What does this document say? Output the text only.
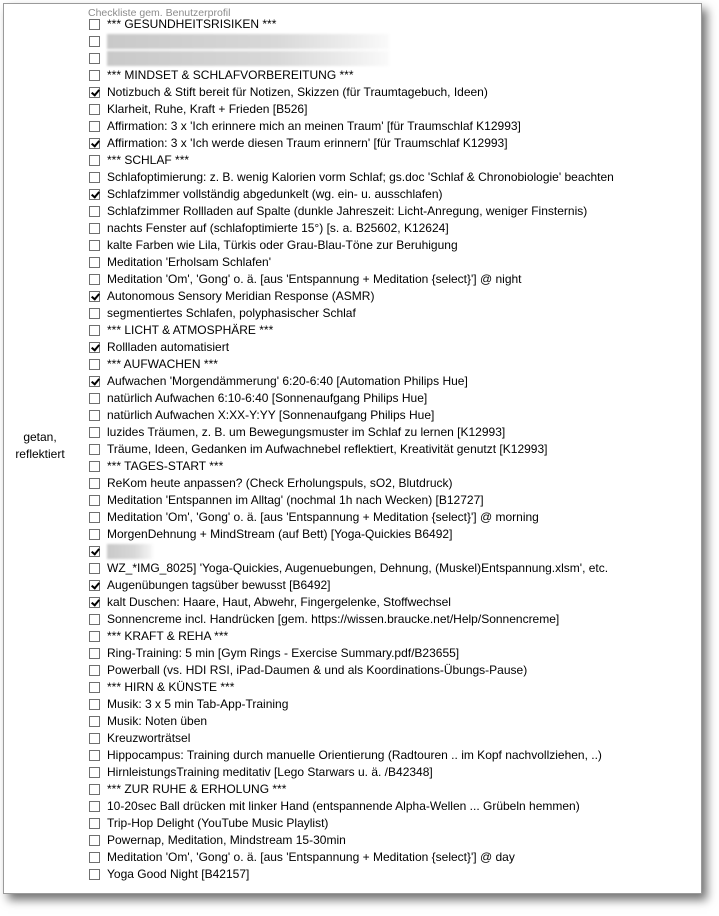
Checkliste gem. Benutzerprofil
getan,
reflektiert
*** GESUNDHEITSRISIKEN ***
*** MINDSET & SCHLAFVORBEREITUNG ***
Notizbuch & Stift bereit für Notizen, Skizzen (für Traumtagebuch, Ideen)
Klarheit, Ruhe, Kraft + Frieden [B526]
Affirmation: 3 x 'Ich erinnere mich an meinen Traum' [für Traumschlaf K12993]
Affirmation: 3 x 'Ich werde diesen Traum erinnern' [für Traumschlaf K12993]
*** SCHLAF ***
Schlafoptimierung: z. B. wenig Kalorien vorm Schlaf; gs.doc 'Schlaf & Chronobiologie' beachten
Schlafzimmer vollständig abgedunkelt (wg. ein- u. ausschlafen)
Schlafzimmer Rollladen auf Spalte (dunkle Jahreszeit: Licht-Anregung, weniger Finsternis)
nachts Fenster auf (schlafoptimierte 15°) [s. a. B25602, K12624]
kalte Farben wie Lila, Türkis oder Grau-Blau-Töne zur Beruhigung
Meditation 'Erholsam Schlafen'
Meditation 'Om', 'Gong' o. ä. [aus 'Entspannung + Meditation {select}'] @ night
Autonomous Sensory Meridian Response (ASMR)
segmentiertes Schlafen, polyphasischer Schlaf
*** LICHT & ATMOSPHÄRE ***
Rollladen automatisiert
*** AUFWACHEN ***
Aufwachen 'Morgendämmerung' 6:20-6:40 [Automation Philips Hue]
natürlich Aufwachen 6:10-6:40 [Sonnenaufgang Philips Hue]
natürlich Aufwachen X:XX-Y:YY [Sonnenaufgang Philips Hue]
luzides Träumen, z. B. um Bewegungsmuster im Schlaf zu lernen [K12993]
Träume, Ideen, Gedanken im Aufwachnebel reflektiert, Kreativität genutzt [K12993]
*** TAGES-START ***
ReKom heute anpassen? (Check Erholungspuls, sO2, Blutdruck)
Meditation 'Entspannen im Alltag' (nochmal 1h nach Wecken) [B12727]
Meditation 'Om', 'Gong' o. ä. [aus 'Entspannung + Meditation {select}'] @ morning
MorgenDehnung + MindStream (auf Bett) [Yoga-Quickies B6492]
WZ_*IMG_8025] 'Yoga-Quickies, Augenuebungen, Dehnung, (Muskel)Entspannung.xlsm', etc.
Augenübungen tagsüber bewusst [B6492]
kalt Duschen: Haare, Haut, Abwehr, Fingergelenke, Stoffwechsel
Sonnencreme incl. Handrücken [gem. https://wissen.braucke.net/Help/Sonnencreme]
*** KRAFT & REHA ***
Ring-Training: 5 min [Gym Rings - Exercise Summary.pdf/B23655]
Powerball (vs. HDI RSI, iPad-Daumen & und als Koordinations-Übungs-Pause)
*** HIRN & KÜNSTE ***
Musik: 3 x 5 min Tab-App-Training
Musik: Noten üben
Kreuzworträtsel
Hippocampus: Training durch manuelle Orientierung (Radtouren .. im Kopf nachvollziehen, ..)
HirnleistungsTraining meditativ [Lego Starwars u. ä. /B42348]
*** ZUR RUHE & ERHOLUNG ***
10-20sec Ball drücken mit linker Hand (entspannende Alpha-Wellen ... Grübeln hemmen)
Trip-Hop Delight (YouTube Music Playlist)
Powernap, Meditation, Mindstream 15-30min
Meditation 'Om', 'Gong' o. ä. [aus 'Entspannung + Meditation {select}'] @ day
Yoga Good Night [B42157]
